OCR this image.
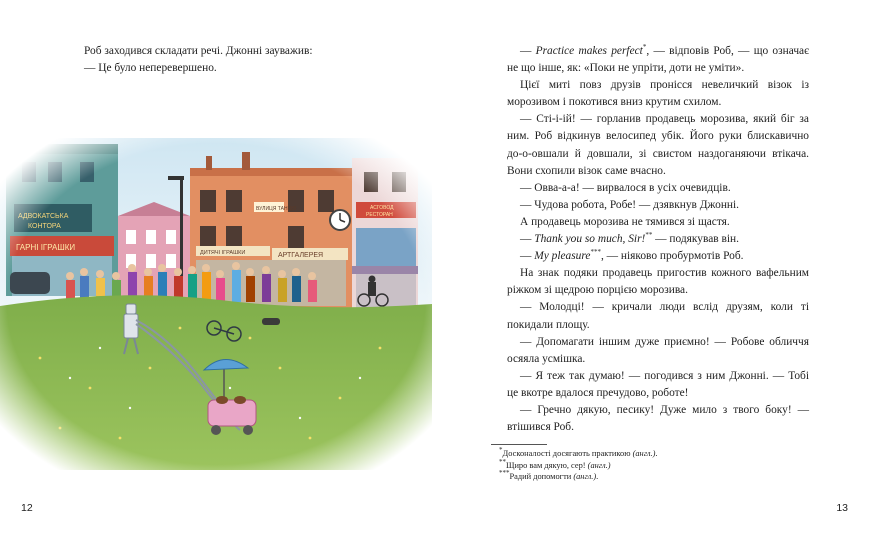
Роб заходився складати речі. Джонні зауважив:

— Це було неперевершено.

12

— Practice makes perfect*, — відповів Роб, — що означає не що інше, як: «Поки не упріти, доти не уміти».

Цієї миті повз друзів пронісся невеличкий візок із морозивом і покотився вниз крутим схилом.

— Сті-і-ій! — горланив продавець морозива, який біг за ним. Роб відкинув велосипед убік. Його руки блискавично до-о-овшали й довшали, зі свистом наздоганяючи втікача. Вони схопили візок саме вчасно.

— Овва-а-а! — вирвалося в усіх очевидців.

— Чудова робота, Робе! — дзявкнув Джонні.

А продавець морозива не тямився зі щастя.

— Thank you so much, Sir!** — подякував він.

— My pleasure***, — ніяково пробурмотів Роб.

На знак подяки продавець пригостив кожного вафельним ріжком зі щедрою порцією морозива.

— Молодці! — кричали люди вслід друзям, коли ті покидали площу.

— Допомагати іншим дуже приємно! — Робове обличчя осяяла усмішка.

— Я теж так думаю! — погодився з ним Джонні. — Тобі це вкотре вдалося пречудово, роботе!

— Гречно дякую, песику! Дуже мило з твого боку! — втішився Роб.

*Досконалості досягають практикою (англ.).

**Щиро вам дякую, сер! (англ.)

***Радий допомогти (англ.).

13
